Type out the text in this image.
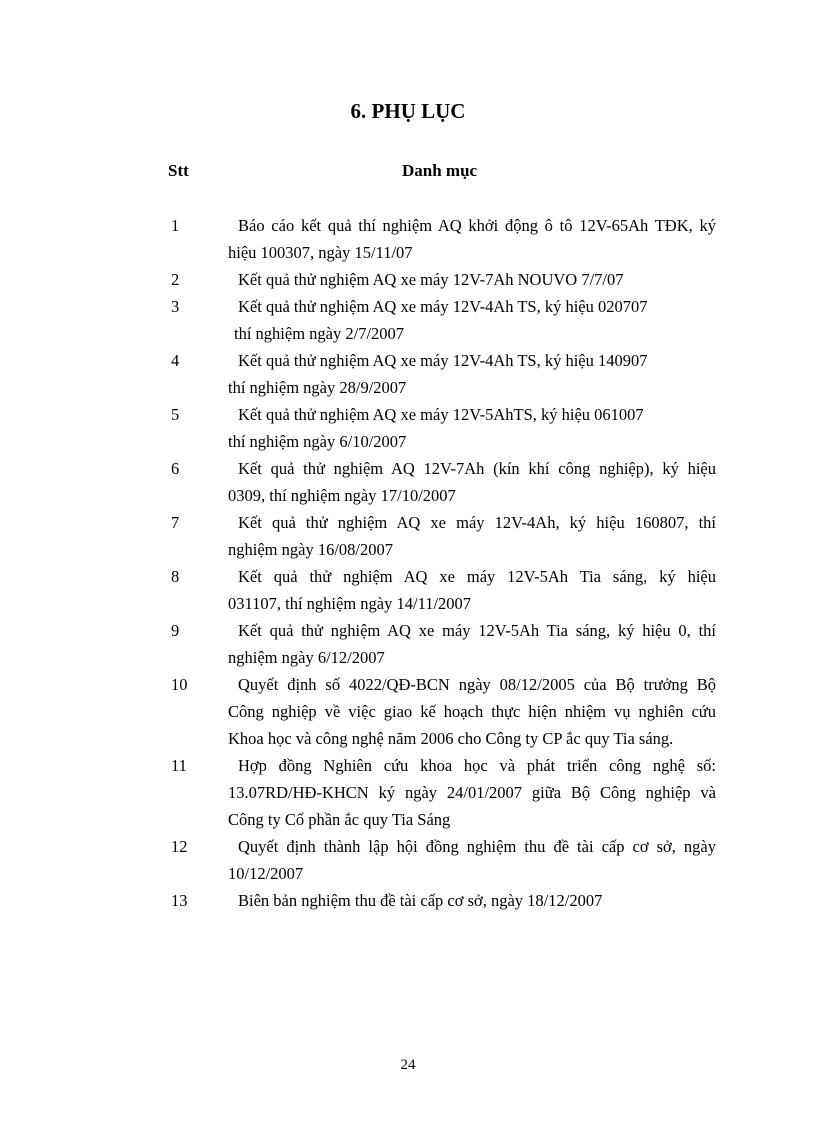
6. PHỤ LỤC
Stt	Danh mục
1	Báo cáo kết quả thí nghiệm AQ khởi động ô tô 12V-65Ah TĐK, ký
hiệu 100307, ngày 15/11/07
2	Kết quả thử nghiệm AQ xe máy 12V-7Ah NOUVO 7/7/07
3	Kết quả thử nghiệm AQ xe máy 12V-4Ah TS, ký hiệu 020707
thí nghiệm ngày 2/7/2007
4	Kết quả thử nghiệm AQ xe máy 12V-4Ah TS, ký hiệu 140907
thí nghiệm ngày 28/9/2007
5	Kết quả thử nghiệm AQ xe máy 12V-5AhTS, ký hiệu 061007
thí nghiệm ngày 6/10/2007
6	Kết quả thử nghiệm AQ 12V-7Ah (kín khí công nghiệp), ký hiệu
0309, thí nghiệm ngày 17/10/2007
7	Kết quả thử nghiệm AQ xe máy 12V-4Ah, ký hiệu 160807, thí
nghiệm ngày 16/08/2007
8	Kết quả thử nghiệm AQ xe máy 12V-5Ah Tia sáng, ký hiệu
031107, thí nghiệm ngày 14/11/2007
9	Kết quả thử nghiệm AQ xe máy 12V-5Ah Tia sáng, ký hiệu 0, thí
nghiệm ngày 6/12/2007
10	Quyết định số 4022/QĐ-BCN ngày 08/12/2005 của Bộ trưởng Bộ
Công nghiệp về việc giao kế hoạch thực hiện nhiệm vụ nghiên cứu
Khoa học và công nghệ năm 2006 cho Công ty CP ắc quy Tia sáng.
11	Hợp đồng Nghiên cứu khoa học và phát triển công nghệ số:
13.07RD/HĐ-KHCN ký ngày 24/01/2007 giữa Bộ Công nghiệp và
Công ty Cổ phần ắc quy Tia Sáng
12	Quyết định thành lập hội đồng nghiệm thu đề tài cấp cơ sở, ngày
10/12/2007
13	Biên bản nghiệm thu đề tài cấp cơ sở, ngày 18/12/2007
24
